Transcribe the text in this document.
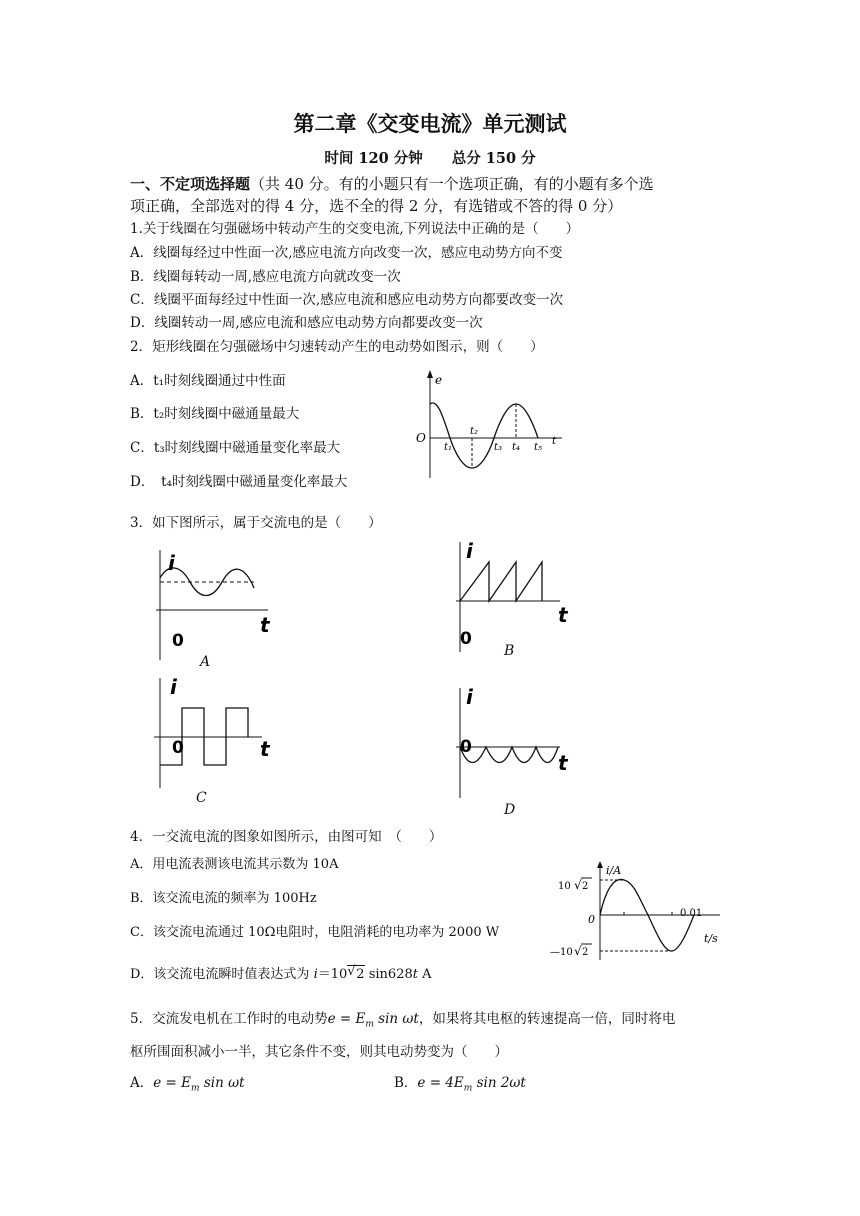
第二章《交变电流》单元测试
时间 120 分钟　　总分 150 分
一、不定项选择题（共 40 分。有的小题只有一个选项正确，有的小题有多个选
项正确，全部选对的得 4 分，选不全的得 2 分，有选错或不答的得 0 分）
1.关于线圈在匀强磁场中转动产生的交变电流,下列说法中正确的是（　　）
A．线圈每经过中性面一次,感应电流方向改变一次，感应电动势方向不变
B．线圈每转动一周,感应电流方向就改变一次
C．线圈平面每经过中性面一次,感应电流和感应电动势方向都要改变一次
D．线圈转动一周,感应电流和感应电动势方向都要改变一次
2．矩形线圈在匀强磁场中匀速转动产生的电动势如图示，则（　　）
A．t₁时刻线圈通过中性面
B．t₂时刻线圈中磁通量最大
C．t₃时刻线圈中磁通量变化率最大
D．　t₄时刻线圈中磁通量变化率最大
e
O
t₁
t₂
t₃ t₄ t₅
t
3．如下图所示，属于交流电的是（　　）
i
0
t
A
i
0
t
B
i
0	t
C
i
0
t
D
4．一交流电流的图象如图所示，由图可知　（　　）
A．用电流表测该电流其示数为 10A
B．该交流电流的频率为 100Hz
C．该交流电流通过 10Ω电阻时，电阻消耗的电功率为 2000 W
D．该交流电流瞬时值表达式为 i＝10 √ 2 sin628t A
i/A
10 √ 2
0	0.01
t/s
—10 √ 2
5．交流发电机在工作时的电动势$e = E_m$ sin ωt，如果将其电枢的转速提高一倍，同时将电
枢所围面积减小一半，其它条件不变，则其电动势变为（　　）
A．$e = E_m$ sin ωt	B．$e = 4E_m$ sin 2ωt
